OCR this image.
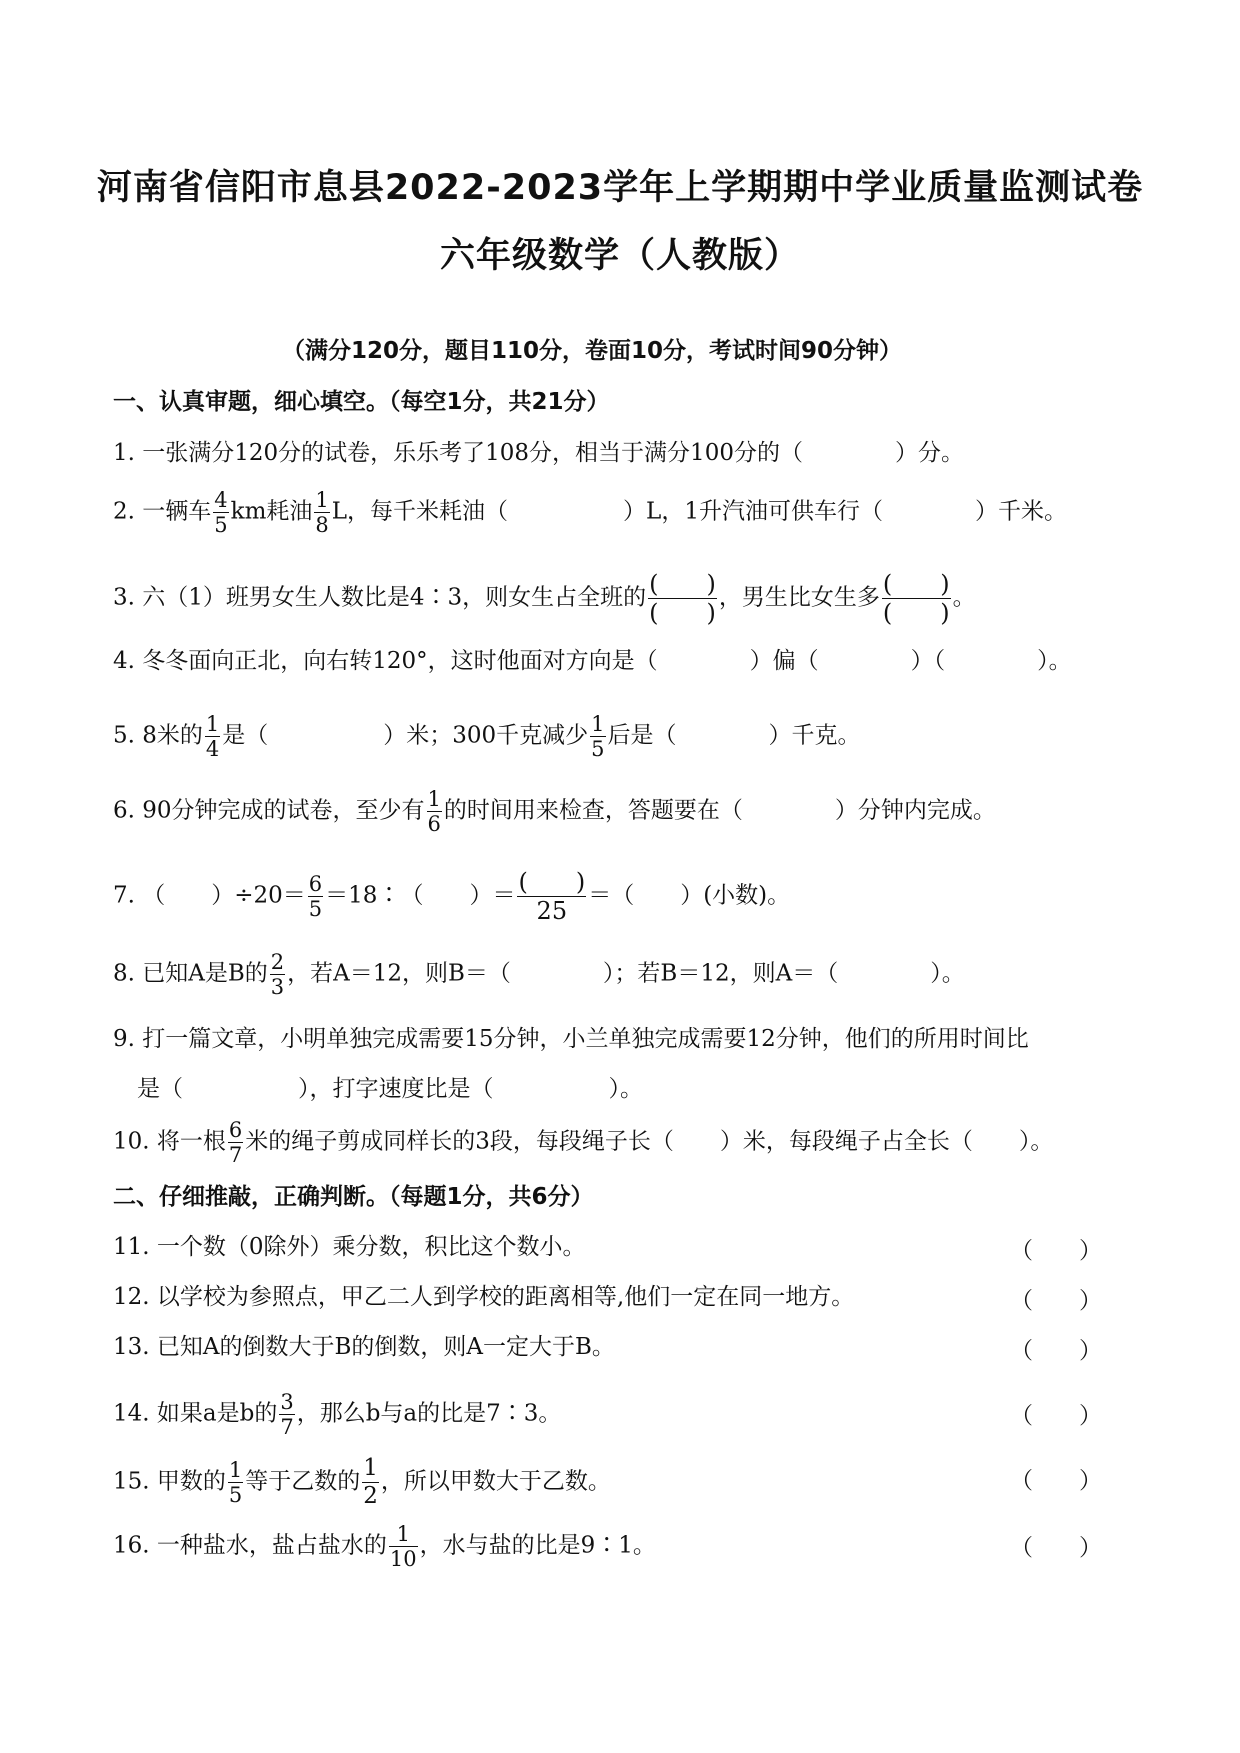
河南省信阳市息县2022-2023学年上学期期中学业质量监测试卷
六年级数学（人教版）
（满分120分，题目110分，卷面10分，考试时间90分钟）
一、认真审题，细心填空。（每空1分，共21分）
1. 一张满分120分的试卷，乐乐考了108分，相当于满分100分的（　　　　）分。
2. 一辆车 $\frac{4}{5}$ km耗油 $\frac{1}{8}$ L，每千米耗油（　　　　　）L，1升汽油可供车行（　　　　）千米。
3. 六（1）班男女生人数比是4∶3，则女生占全班的 $\frac{( )}{( )}$ ，男生比女生多 $\frac{( )}{( )}$ 。
4. 冬冬面向正北，向右转120°，这时他面对方向是（　　　　）偏（　　　　）（　　　　）。
5. 8米的 $\frac{1}{4}$ 是（　　　　　）米；300千克减少 $\frac{1}{5}$ 后是（　　　　）千克。
6. 90分钟完成的试卷，至少有 $\frac{1}{6}$ 的时间用来检查，答题要在（　　　　）分钟内完成。
7. （　　）$\div 20= \frac{6}{5}$ ＝18∶（　　）＝ $\frac{( )}{25}$ ＝（　　）(小数)。
8. 已知A是B的 $\frac{2}{3}$ ，若A＝12，则B＝（　　　　）；若B＝12，则A＝（　　　　）。
9. 打一篇文章，小明单独完成需要15分钟，小兰单独完成需要12分钟，他们的所用时间比
是（　　　　　），打字速度比是（　　　　　）。
10. 将一根 $\frac{6}{7}$ 米的绳子剪成同样长的3段，每段绳子长（　　）米，每段绳子占全长（　　）。
二、仔细推敲，正确判断。（每题1分，共6分）
11. 一个数（0除外）乘分数，积比这个数小。	（　　）
12. 以学校为参照点，甲乙二人到学校的距离相等,他们一定在同一地方。	（　　）
13. 已知A的倒数大于B的倒数，则A一定大于B。	（　　）
14. 如果a是b的 $\frac{3}{7}$ ，那么b与a的比是7∶3。	（　　）
15. 甲数的 $\frac{1}{5}$ 等于乙数的 $\frac{1}{2}$ ，所以甲数大于乙数。	（　　）
16. 一种盐水，盐占盐水的 $\frac{1}{10}$ ，水与盐的比是9∶1。	（　　）
